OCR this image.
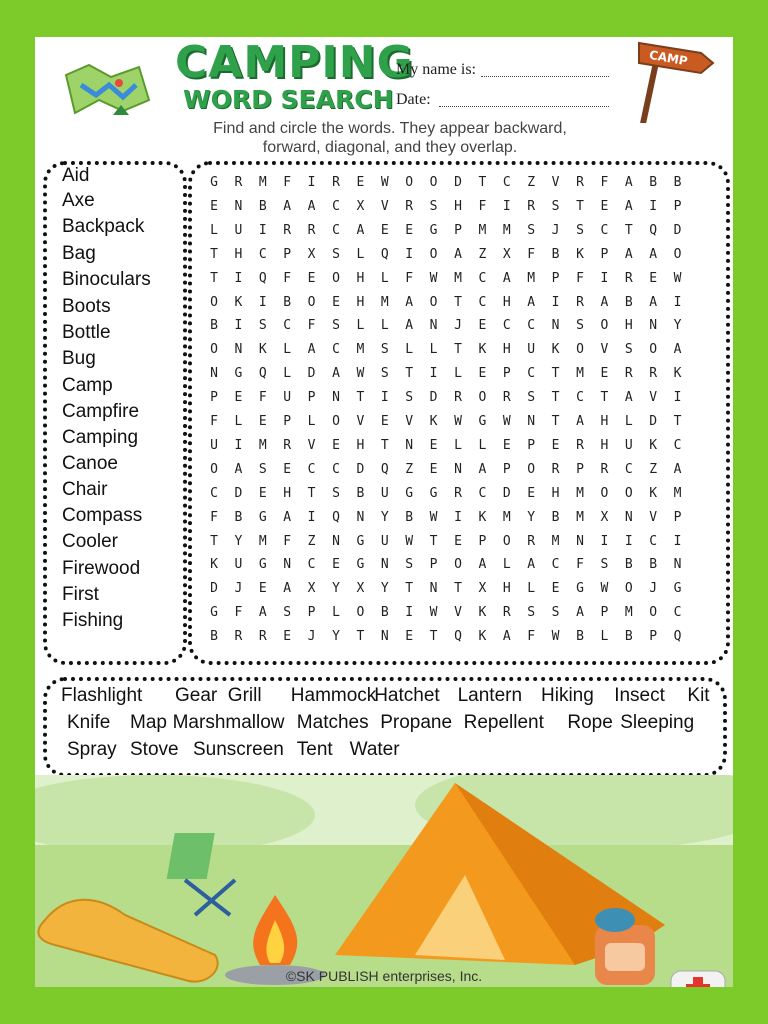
CAMPING
WORD SEARCH
My name is:
Date:
CAMP
Find and circle the words. They appear backward,
forward, diagonal, and they overlap.
Aid
Axe
Backpack
Bag
Binoculars
Boots
Bottle
Bug
Camp
Campfire
Camping
Canoe
Chair
Compass
Cooler
Firewood
First
Fishing
G	R	M	F	I	R	E	W	O	O	D	T	C	Z	V	R	F	A	B	B
E	N	B	A	A	C	X	V	R	S	H	F	I	R	S	T	E	A	I	P
L	U	I	R	R	C	A	E	E	G	P	M	M	S	J	S	C	T	Q	D
T	H	C	P	X	S	L	Q	I	O	A	Z	X	F	B	K	P	A	A	O
T	I	Q	F	E	O	H	L	F	W	M	C	A	M	P	F	I	R	E	W
O	K	I	B	O	E	H	M	A	O	T	C	H	A	I	R	A	B	A	I
B	I	S	C	F	S	L	L	A	N	J	E	C	C	N	S	O	H	N	Y
O	N	K	L	A	C	M	S	L	L	T	K	H	U	K	O	V	S	O	A
N	G	Q	L	D	A	W	S	T	I	L	E	P	C	T	M	E	R	R	K
P	E	F	U	P	N	T	I	S	D	R	O	R	S	T	C	T	A	V	I
F	L	E	P	L	O	V	E	V	K	W	G	W	N	T	A	H	L	D	T
U	I	M	R	V	E	H	T	N	E	L	L	E	P	E	R	H	U	K	C
O	A	S	E	C	C	D	Q	Z	E	N	A	P	O	R	P	R	C	Z	A
C	D	E	H	T	S	B	U	G	G	R	C	D	E	H	M	O	O	K	M
F	B	G	A	I	Q	N	Y	B	W	I	K	M	Y	B	M	X	N	V	P
T	Y	M	F	Z	N	G	U	W	T	E	P	O	R	M	N	I	I	C	I
K	U	G	N	C	E	G	N	S	P	O	A	L	A	C	F	S	B	B	N
D	J	E	A	X	Y	X	Y	T	N	T	X	H	L	E	G	W	O	J	G
G	F	A	S	P	L	O	B	I	W	V	K	R	S	S	A	P	M	O	C
B	R	R	E	J	Y	T	N	E	T	Q	K	A	F	W	B	L	B	P	Q
Flashlight Gear Grill Hammock
Hatchet Lantern Hiking Insect Kit
Knife Map Marshmallow Matches Propane Repellent Rope Sleeping
Spray Stove Sunscreen Tent Water
©SK PUBLISH enterprises, Inc.
